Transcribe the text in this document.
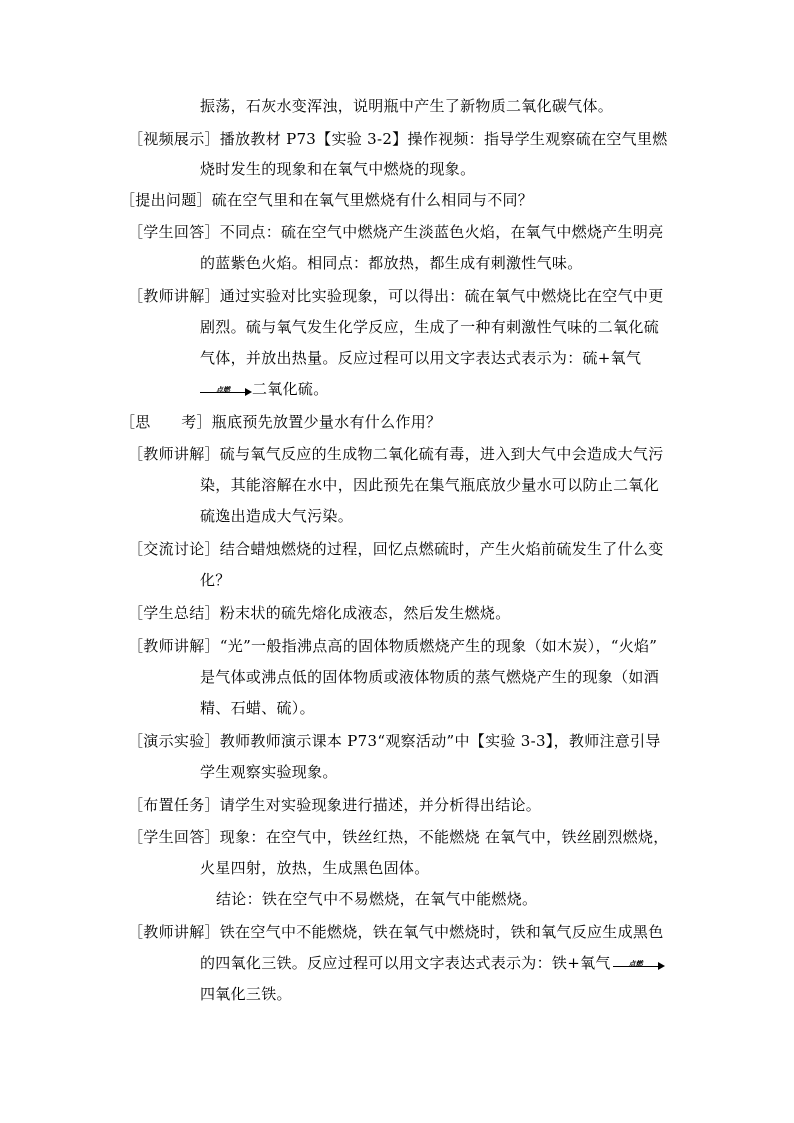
振荡，石灰水变浑浊，说明瓶中产生了新物质二氧化碳气体。
［视频展示］播放教材 P73【实验 3-2】操作视频：指导学生观察硫在空气里燃
烧时发生的现象和在氧气中燃烧的现象。
［提出问题］硫在空气里和在氧气里燃烧有什么相同与不同？
［学生回答］不同点：硫在空气中燃烧产生淡蓝色火焰，在氧气中燃烧产生明亮
的蓝紫色火焰。相同点：都放热，都生成有刺激性气味。
［教师讲解］通过实验对比实验现象，可以得出：硫在氧气中燃烧比在空气中更
剧烈。硫与氧气发生化学反应，生成了一种有刺激性气味的二氧化硫
气体，并放出热量。反应过程可以用文字表达式表示为：硫+氧气
点燃	二氧化硫。
［思　　考］瓶底预先放置少量水有什么作用？
［教师讲解］硫与氧气反应的生成物二氧化硫有毒，进入到大气中会造成大气污
染，其能溶解在水中，因此预先在集气瓶底放少量水可以防止二氧化
硫逸出造成大气污染。
［交流讨论］结合蜡烛燃烧的过程，回忆点燃硫时，产生火焰前硫发生了什么变
化？
［学生总结］粉末状的硫先熔化成液态，然后发生燃烧。
［教师讲解］“光”一般指沸点高的固体物质燃烧产生的现象（如木炭），“火焰”
是气体或沸点低的固体物质或液体物质的蒸气燃烧产生的现象（如酒
精、石蜡、硫）。
［演示实验］教师教师演示课本 P73“观察活动”中【实验 3-3】，教师注意引导
学生观察实验现象。
［布置任务］请学生对实验现象进行描述，并分析得出结论。
［学生回答］现象：在空气中，铁丝红热，不能燃烧 在氧气中，铁丝剧烈燃烧，
火星四射，放热，生成黑色固体。
结论：铁在空气中不易燃烧，在氧气中能燃烧。
［教师讲解］铁在空气中不能燃烧，铁在氧气中燃烧时，铁和氧气反应生成黑色
的四氧化三铁。反应过程可以用文字表达式表示为：铁+氧气	点燃
四氧化三铁。
